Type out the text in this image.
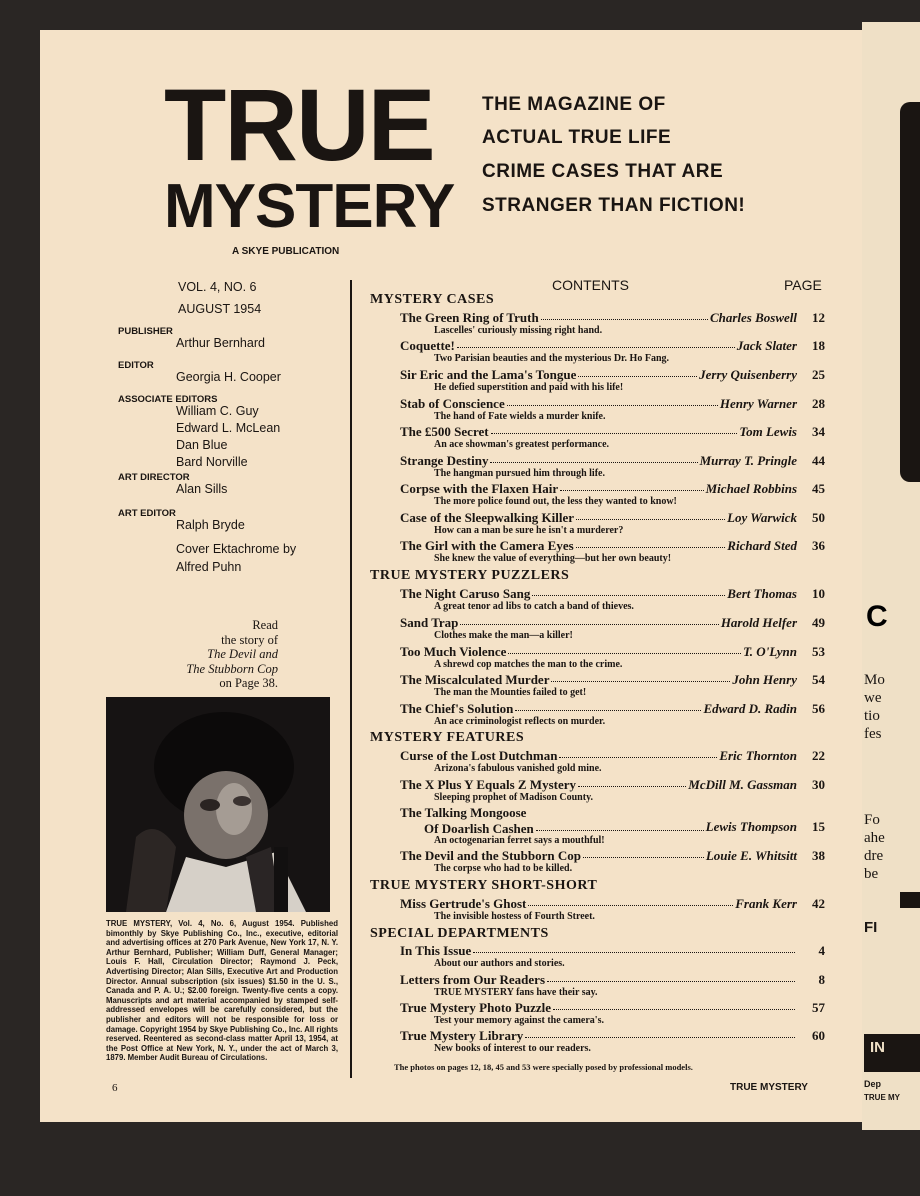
TRUE
MYSTERY
A SKYE PUBLICATION
THE MAGAZINE OF
ACTUAL TRUE LIFE
CRIME CASES THAT ARE
STRANGER THAN FICTION!
VOL. 4, NO. 6
AUGUST 1954
PUBLISHER
Arthur Bernhard
EDITOR
Georgia H. Cooper
ASSOCIATE EDITORS
William C. Guy
Edward L. McLean
Dan Blue
Bard Norville
ART DIRECTOR
Alan Sills
ART EDITOR
Ralph Bryde
Cover Ektachrome by
Alfred Puhn
Read
the story of
The Devil and
The Stubborn Cop
on Page 38.
TRUE MYSTERY, Vol. 4, No. 6, August 1954. Published bimonthly by Skye Publishing Co., Inc., executive, editorial and advertising offices at 270 Park Avenue, New York 17, N. Y. Arthur Bernhard, Publisher; William Duff, General Manager; Louis F. Hall, Circulation Director; Raymond J. Peck, Advertising Director; Alan Sills, Executive Art and Production Director. Annual subscription (six issues) $1.50 in the U. S., Canada and P. A. U.; $2.00 foreign. Twenty-five cents a copy. Manuscripts and art material accompanied by stamped self-addressed envelopes will be carefully considered, but the publisher and editors will not be responsible for loss or damage. Copyright 1954 by Skye Publishing Co., Inc. All rights reserved. Reentered as second-class matter April 13, 1954, at the Post Office at New York, N. Y., under the act of March 3, 1879. Member Audit Bureau of Circulations.
6	TRUE MYSTERY
CONTENTS	PAGE
MYSTERY CASES
The Green Ring of Truth	Charles Boswell 12
Lascelles' curiously missing right hand.
Coquette!	Jack Slater 18
Two Parisian beauties and the mysterious Dr. Ho Fang.
Sir Eric and the Lama's Tongue	Jerry Quisenberry 25
He defied superstition and paid with his life!
Stab of Conscience	Henry Warner 28
The hand of Fate wields a murder knife.
The £500 Secret	Tom Lewis 34
An ace showman's greatest performance.
Strange Destiny	Murray T. Pringle 44
The hangman pursued him through life.
Corpse with the Flaxen Hair	Michael Robbins 45
The more police found out, the less they wanted to know!
Case of the Sleepwalking Killer	Loy Warwick 50
How can a man be sure he isn't a murderer?
The Girl with the Camera Eyes	Richard Sted 36
She knew the value of everything—but her own beauty!
TRUE MYSTERY PUZZLERS
The Night Caruso Sang	Bert Thomas 10
A great tenor ad libs to catch a band of thieves.
Sand Trap	Harold Helfer 49
Clothes make the man—a killer!
Too Much Violence	T. O'Lynn 53
A shrewd cop matches the man to the crime.
The Miscalculated Murder	John Henry 54
The man the Mounties failed to get!
The Chief's Solution	Edward D. Radin 56
An ace criminologist reflects on murder.
MYSTERY FEATURES
Curse of the Lost Dutchman	Eric Thornton 22
Arizona's fabulous vanished gold mine.
The X Plus Y Equals Z Mystery	McDill M. Gassman 30
Sleeping prophet of Madison County.
The Talking Mongoose
Of Doarlish Cashen	Lewis Thompson 15
An octogenarian ferret says a mouthful!
The Devil and the Stubborn Cop	Louie E. Whitsitt 38
The corpse who had to be killed.
TRUE MYSTERY SHORT-SHORT
Miss Gertrude's Ghost	Frank Kerr 42
The invisible hostess of Fourth Street.
SPECIAL DEPARTMENTS
In This Issue	4
About our authors and stories.
Letters from Our Readers	8
TRUE MYSTERY fans have their say.
True Mystery Photo Puzzle	57
Test your memory against the camera's.
True Mystery Library	60
New books of interest to our readers.
The photos on pages 12, 18, 45 and 53 were specially posed by professional models.
C
Mo
we
tio
fes
Fo
ahe
dre
be
FI
IN
Dep
TRUE MY
